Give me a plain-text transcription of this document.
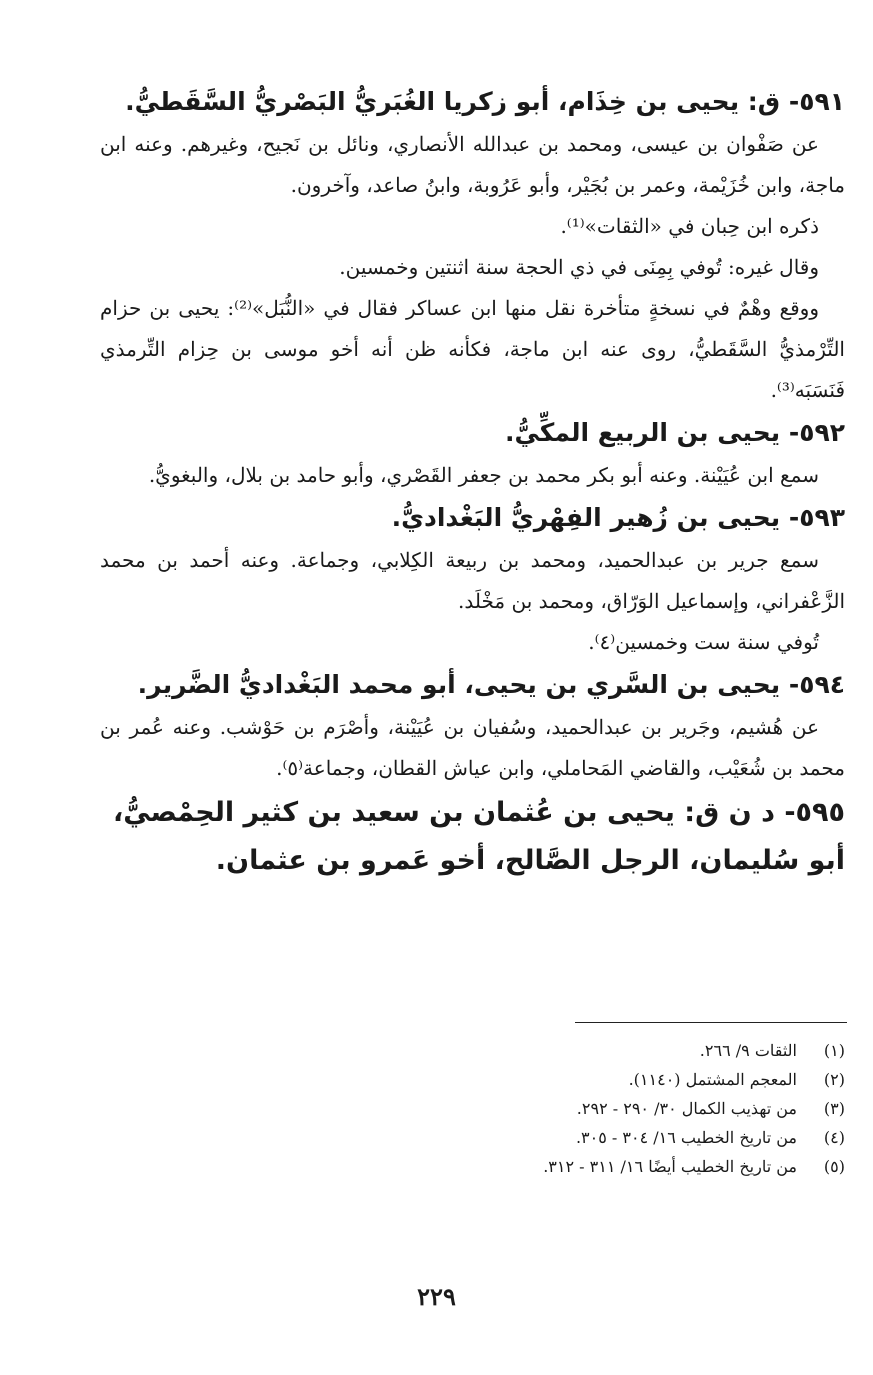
٥٩١- ق: يحيى بن خِذَام، أبو زكريا الغُبَريُّ البَصْريُّ السَّقَطيُّ.

عن صَفْوان بن عيسى، ومحمد بن عبدالله الأنصاري، ونائل بن نَجيح، وغيرهم. وعنه ابن ماجة، وابن خُزَيْمة، وعمر بن بُجَيْر، وأبو عَرُوبة، وابنُ صاعد، وآخرون.

ذكره ابن حِبان في «الثقات»⁽¹⁾.

وقال غيره: تُوفي بِمِنَى في ذي الحجة سنة اثنتين وخمسين.

ووقع وهْمٌ في نسخةٍ متأخرة نقل منها ابن عساكر فقال في «النُّبَل»⁽²⁾: يحيى بن حزام التِّرْمذيُّ السَّقَطيُّ، روى عنه ابن ماجة، فكأنه ظن أنه أخو موسى بن حِزام التِّرمذي فَنَسَبَه⁽³⁾.

٥٩٢- يحيى بن الربيع المكِّيُّ.

سمع ابن عُيَيْنة. وعنه أبو بكر محمد بن جعفر القَصْري، وأبو حامد بن بلال، والبغويُّ.

٥٩٣- يحيى بن زُهير الفِهْريُّ البَغْداديُّ.

سمع جرير بن عبدالحميد، ومحمد بن ربيعة الكِلابي، وجماعة. وعنه أحمد بن محمد الزَّعْفراني، وإسماعيل الوَرّاق، ومحمد بن مَخْلَد.

تُوفي سنة ست وخمسين⁽٤⁾.

٥٩٤- يحيى بن السَّري بن يحيى، أبو محمد البَغْداديُّ الضَّرير.

عن هُشيم، وجَرير بن عبدالحميد، وسُفيان بن عُيَيْنة، وأصْرَم بن حَوْشب. وعنه عُمر بن محمد بن شُعَيْب، والقاضي المَحاملي، وابن عياش القطان، وجماعة⁽٥⁾.

٥٩٥- د ن ق: يحيى بن عُثمان بن سعيد بن كثير الحِمْصيُّ، أبو سُليمان، الرجل الصَّالح، أخو عَمرو بن عثمان.
(١)
الثقات ٩/ ٢٦٦.
(٢)
المعجم المشتمل (١١٤٠).
(٣)
من تهذيب الكمال ٣٠/ ٢٩٠ - ٢٩٢.
(٤)
من تاريخ الخطيب ١٦/ ٣٠٤ - ٣٠٥.
(٥)
من تاريخ الخطيب أيضًا ١٦/ ٣١١ - ٣١٢.
٢٢٩
